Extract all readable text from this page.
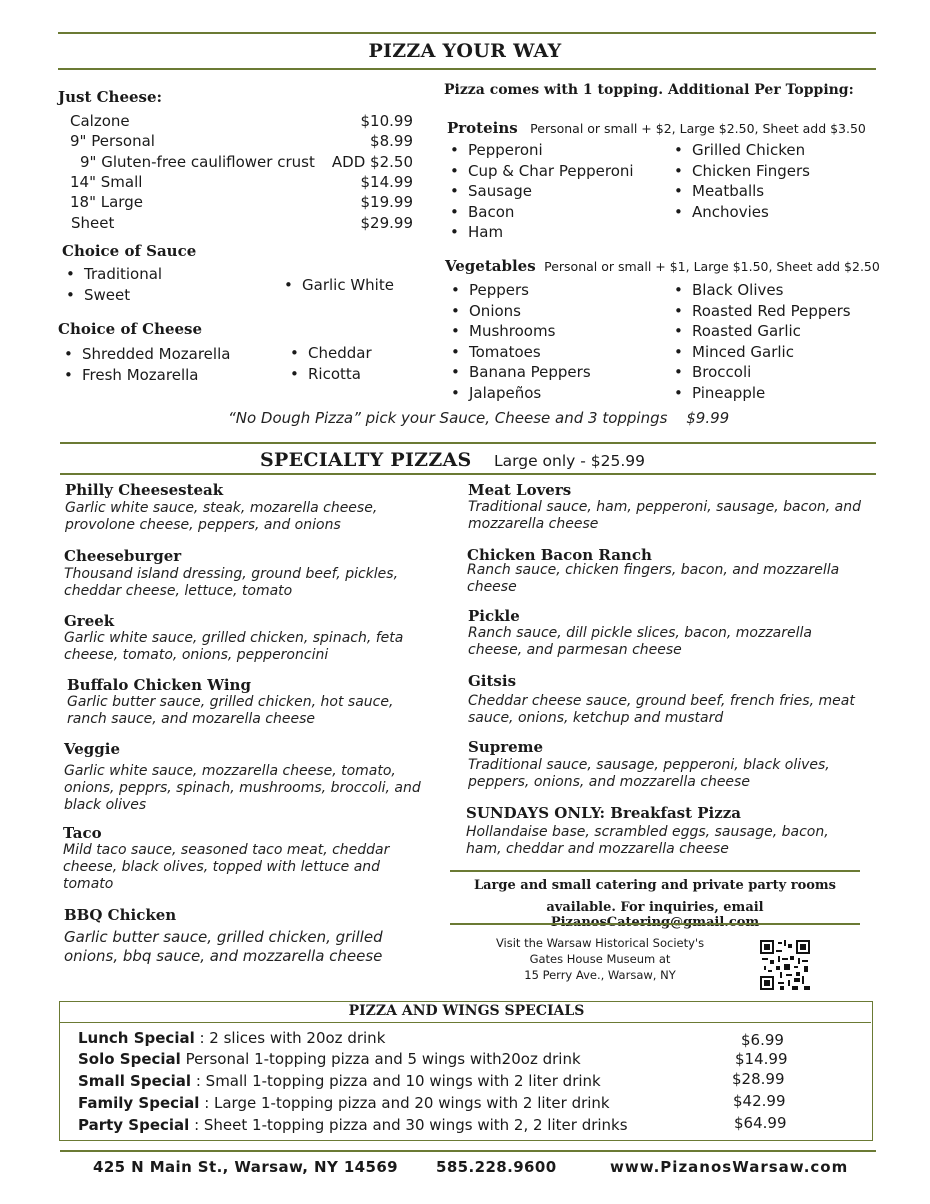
PIZZA YOUR WAY
Just Cheese:
Calzone	$10.99
9" Personal	$8.99
9" Gluten-free cauliflower crust ADD $2.50
14" Small	$14.99
18" Large	$19.99
Sheet	$29.99
Choice of Sauce
• Traditional
• Sweet
• Garlic White
Choice of Cheese
• Shredded Mozarella
• Fresh Mozarella
• Cheddar
• Ricotta
Pizza comes with 1 topping. Additional Per Topping:
Proteins Personal or small + $2, Large $2.50, Sheet add $3.50
• Pepperoni
• Cup & Char Pepperoni
• Sausage
• Bacon
• Ham
• Grilled Chicken
• Chicken Fingers
• Meatballs
• Anchovies
Vegetables Personal or small + $1, Large $1.50, Sheet add $2.50
• Peppers
• Onions
• Mushrooms
• Tomatoes
• Banana Peppers
• Jalapeños
• Black Olives
• Roasted Red Peppers
• Roasted Garlic
• Minced Garlic
• Broccoli
• Pineapple
“No Dough Pizza” pick your Sauce, Cheese and 3 toppings $9.99
SPECIALTY PIZZAS Large only - $25.99
Philly Cheesesteak
Garlic white sauce, steak, mozarella cheese, provolone cheese, peppers, and onions
Cheeseburger
Thousand island dressing, ground beef, pickles, cheddar cheese, lettuce, tomato
Greek
Garlic white sauce, grilled chicken, spinach, feta cheese, tomato, onions, pepperoncini
Buffalo Chicken Wing
Garlic butter sauce, grilled chicken, hot sauce, ranch sauce, and mozarella cheese
Veggie
Garlic white sauce, mozzarella cheese, tomato, onions, pepprs, spinach, mushrooms, broccoli, and black olives
Taco
Mild taco sauce, seasoned taco meat, cheddar cheese, black olives, topped with lettuce and tomato
BBQ Chicken
Garlic butter sauce, grilled chicken, grilled onions, bbq sauce, and mozzarella cheese
Meat Lovers
Traditional sauce, ham, pepperoni, sausage, bacon, and mozzarella cheese
Chicken Bacon Ranch
Ranch sauce, chicken fingers, bacon, and mozzarella cheese
Pickle
Ranch sauce, dill pickle slices, bacon, mozzarella cheese, and parmesan cheese
Gitsis
Cheddar cheese sauce, ground beef, french fries, meat sauce, onions, ketchup and mustard
Supreme
Traditional sauce, sausage, pepperoni, black olives, peppers, onions, and mozzarella cheese
SUNDAYS ONLY: Breakfast Pizza
Hollandaise base, scrambled eggs, sausage, bacon, ham, cheddar and mozzarella cheese
Large and small catering and private party rooms
available. For inquiries, email
Visit the Warsaw Historical Society's
Gates House Museum at
15 Perry Ave., Warsaw, NY
PIZZA AND WINGS SPECIALS
Lunch Special : 2 slices with 20oz drink	$6.99
Solo Special Personal 1-topping pizza and 5 wings with20oz drink	$14.99
Small Special : Small 1-topping pizza and 10 wings with 2 liter drink	$28.99
Family Special : Large 1-topping pizza and 20 wings with 2 liter drink	$42.99
Party Special : Sheet 1-topping pizza and 30 wings with 2, 2 liter drinks	$64.99
425 N Main St., Warsaw, NY 14569	585.228.9600	www.PizanosWarsaw.com
